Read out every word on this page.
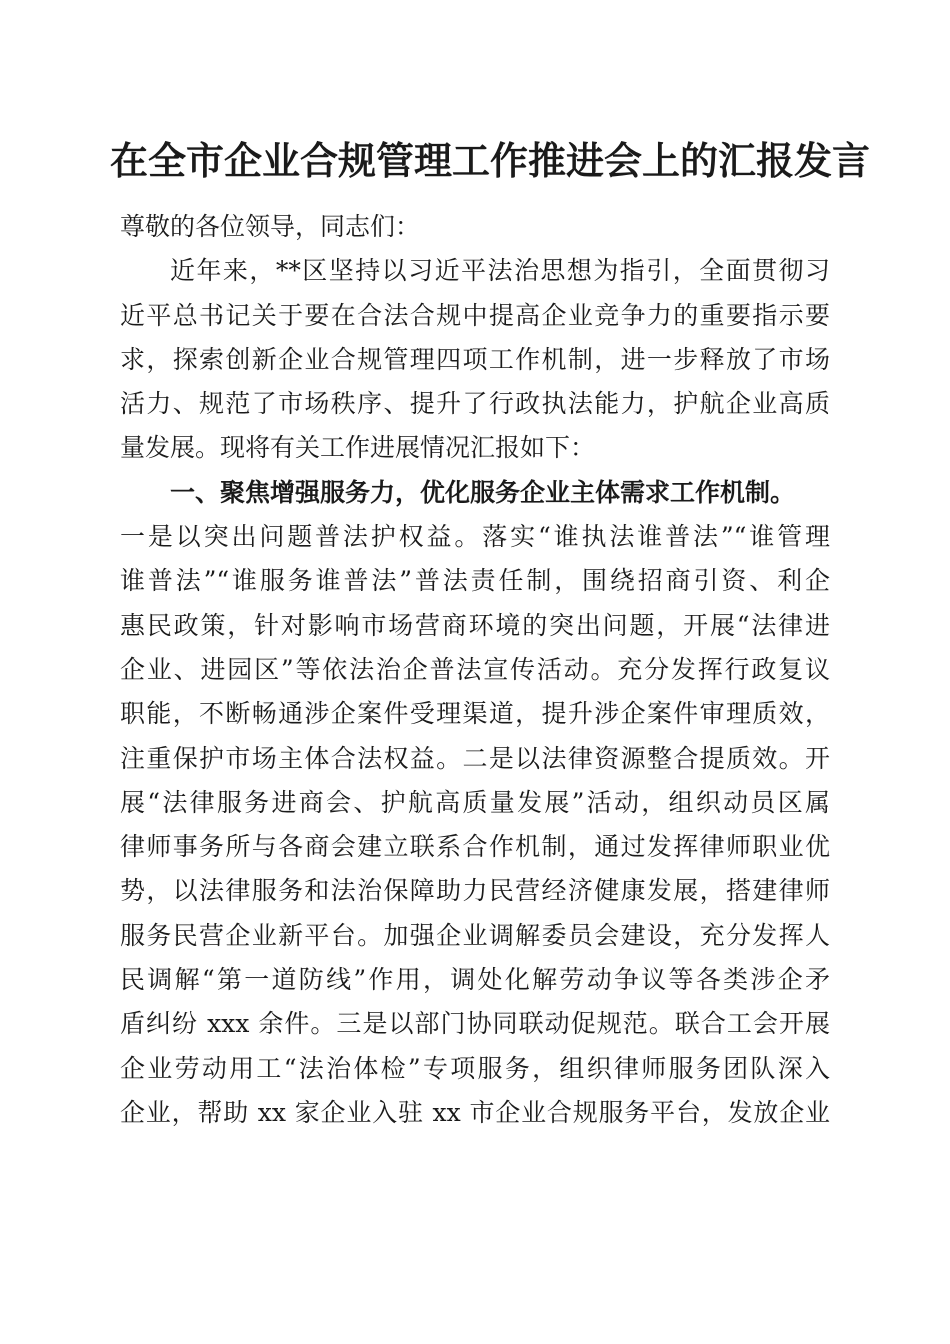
在全市企业合规管理工作推进会上的汇报发言
尊敬的各位领导，同志们：
近年来，**区坚持以习近平法治思想为指引，全面贯彻习
近平总书记关于要在合法合规中提高企业竞争力的重要指示要
求，探索创新企业合规管理四项工作机制，进一步释放了市场
活力、规范了市场秩序、提升了行政执法能力，护航企业高质
量发展。现将有关工作进展情况汇报如下：
一、聚焦增强服务力，优化服务企业主体需求工作机制。
一是以突出问题普法护权益。落实“谁执法谁普法”“谁管理
谁普法”“谁服务谁普法”普法责任制，围绕招商引资、利企
惠民政策，针对影响市场营商环境的突出问题，开展“法律进
企业、进园区”等依法治企普法宣传活动。充分发挥行政复议
职能，不断畅通涉企案件受理渠道，提升涉企案件审理质效，
注重保护市场主体合法权益。二是以法律资源整合提质效。开
展“法律服务进商会、护航高质量发展”活动，组织动员区属
律师事务所与各商会建立联系合作机制，通过发挥律师职业优
势，以法律服务和法治保障助力民营经济健康发展，搭建律师
服务民营企业新平台。加强企业调解委员会建设，充分发挥人
民调解“第一道防线”作用，调处化解劳动争议等各类涉企矛
盾纠纷 xxx 余件。三是以部门协同联动促规范。联合工会开展
企业劳动用工“法治体检”专项服务，组织律师服务团队深入
企业，帮助 xx 家企业入驻 xx 市企业合规服务平台，发放企业
